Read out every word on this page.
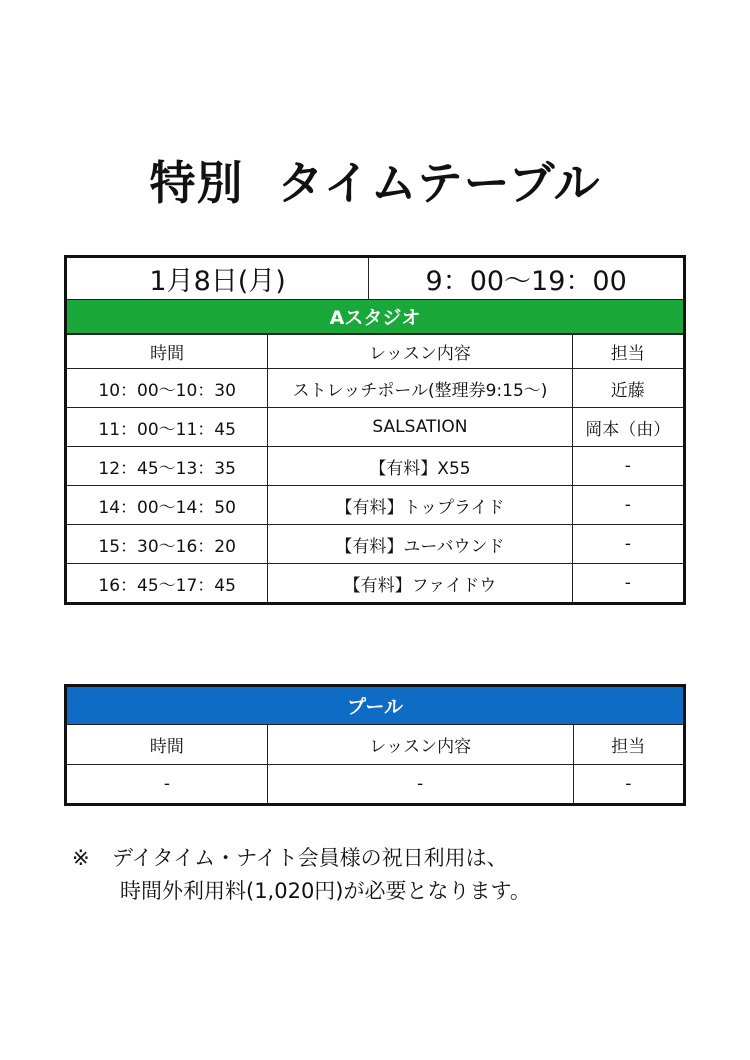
特別 タイムテーブル
1月8日(月)	9：00〜19：00
Aスタジオ

時間	レッスン内容	担当
10：00〜10：30	ストレッチポール(整理券9:15〜)	近藤
11：00〜11：45	SALSATION	岡本（由）
12：45〜13：35	【有料】X55	-
14：00〜14：50	【有料】トップライド	-
15：30〜16：20	【有料】ユーバウンド	-
16：45〜17：45	【有料】ファイドウ	-
プール		
時間	レッスン内容	担当
-	-	-
※ デイタイム・ナイト会員様の祝日利用は、
時間外利用料(1,020円)が必要となります。
